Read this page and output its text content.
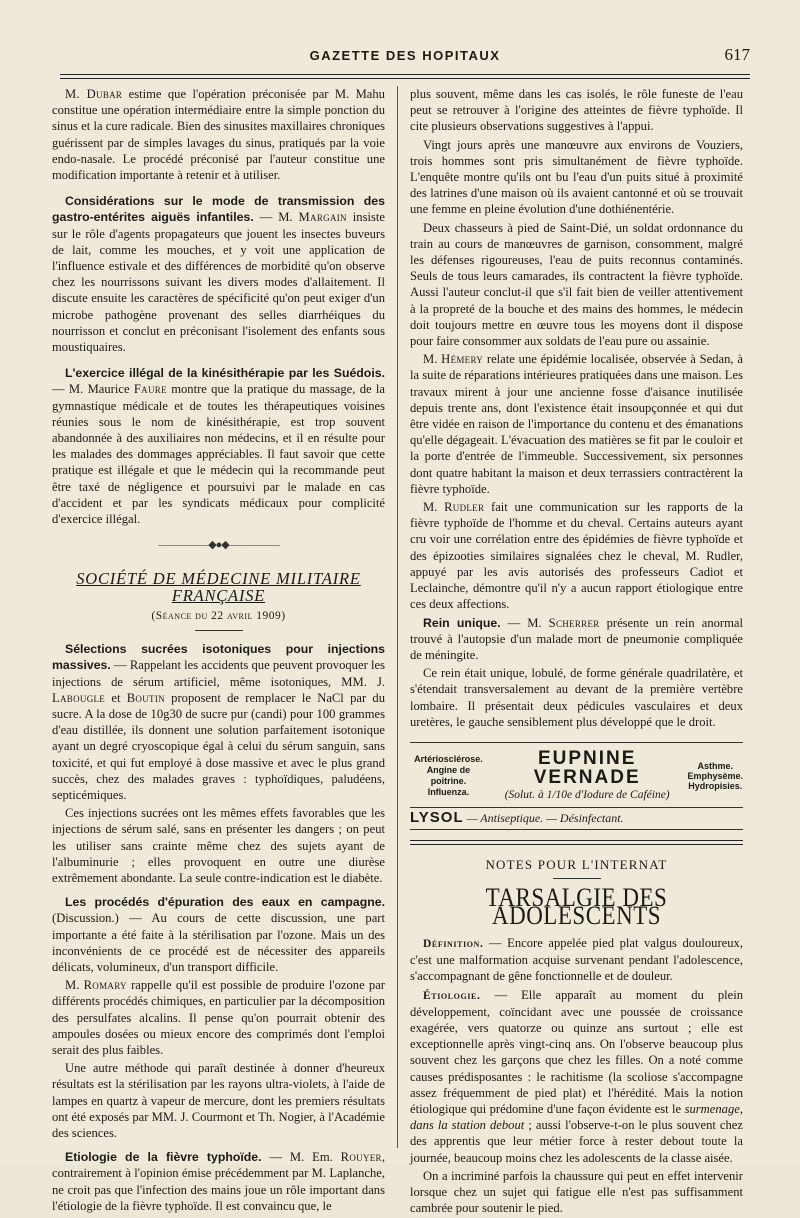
GAZETTE DES HOPITAUX	617

M. Dubar estime que l'opération préconisée par M. Mahu constitue une opération intermédiaire entre la simple ponction du sinus et la cure radicale. Bien des sinusites maxillaires chroniques guérissent par de simples lavages du sinus, pratiqués par la voie endo-nasale. Le procédé préconisé par l'auteur constitue une modification importante à retenir et à utiliser.

Considérations sur le mode de transmission des gastro-entérites aiguës infantiles. — M. Margain insiste sur le rôle d'agents propagateurs que jouent les insectes buveurs de lait, comme les mouches, et y voit une application de l'influence estivale et des différences de morbidité qu'on observe chez les nourrissons suivant les divers modes d'allaitement. Il discute ensuite les caractères de spécificité qu'on peut exiger d'un microbe pathogène provenant des selles diarrhéiques du nourrisson et conclut en préconisant l'isolement des enfants sous moustiquaires.

L'exercice illégal de la kinésithérapie par les Suédois. — M. Maurice Faure montre que la pratique du massage, de la gymnastique médicale et de toutes les thérapeutiques voisines réunies sous le nom de kinésithérapie, est trop souvent abandonnée à des auxiliaires non médecins, et il en résulte pour les malades des dommages appréciables. Il faut savoir que cette pratique est illégale et que le médecin qui la recommande peut être taxé de négligence et poursuivi par le malade en cas d'accident et par les syndicats médicaux pour complicité d'exercice illégal.

—————◆●◆—————
SOCIÉTÉ DE MÉDECINE MILITAIRE FRANÇAISE
(Séance du 22 avril 1909)

Sélections sucrées isotoniques pour injections massives. — Rappelant les accidents que peuvent provoquer les injections de sérum artificiel, même isotoniques, MM. J. Labougle et Boutin proposent de remplacer le NaCl par du sucre. A la dose de 10g30 de sucre pur (candi) pour 100 grammes d'eau distillée, ils donnent une solution parfaitement isotonique ayant un degré cryoscopique égal à celui du sérum sanguin, sans toxicité, et qui fut employé à dose massive et avec le plus grand succès, chez des malades graves : typhoïdiques, paludéens, septicémiques.

Ces injections sucrées ont les mêmes effets favorables que les injections de sérum salé, sans en présenter les dangers ; on peut les utiliser sans crainte même chez des sujets ayant de l'albuminurie ; elles provoquent en outre une diurèse extrêmement abondante. La seule contre-indication est le diabète.

Les procédés d'épuration des eaux en campagne. (Discussion.) — Au cours de cette discussion, une part importante a été faite à la stérilisation par l'ozone. Mais un des inconvénients de ce procédé est de nécessiter des appareils délicats, volumineux, d'un transport difficile.

M. Romary rappelle qu'il est possible de produire l'ozone par différents procédés chimiques, en particulier par la décomposition des persulfates alcalins. Il pense qu'on pourrait obtenir des ampoules dosées ou mieux encore des comprimés dont l'emploi serait des plus faibles.

Une autre méthode qui paraît destinée à donner d'heureux résultats est la stérilisation par les rayons ultra-violets, à l'aide de lampes en quartz à vapeur de mercure, dont les premiers résultats ont été exposés par MM. J. Courmont et Th. Nogier, à l'Académie des sciences.

Etiologie de la fièvre typhoïde. — M. Em. Rouyer, contrairement à l'opinion émise précédemment par M. Laplanche, ne croit pas que l'infection des mains joue un rôle important dans l'étiologie de la fièvre typhoïde. Il est convaincu que, le

plus souvent, même dans les cas isolés, le rôle funeste de l'eau peut se retrouver à l'origine des atteintes de fièvre typhoïde. Il cite plusieurs observations suggestives à l'appui.

Vingt jours après une manœuvre aux environs de Vouziers, trois hommes sont pris simultanément de fièvre typhoïde. L'enquête montre qu'ils ont bu l'eau d'un puits situé à proximité des latrines d'une maison où ils avaient cantonné et où se trouvait une femme en pleine évolution d'une dothiénentérie.

Deux chasseurs à pied de Saint-Dié, un soldat ordonnance du train au cours de manœuvres de garnison, consomment, malgré les défenses rigoureuses, l'eau de puits reconnus contaminés. Seuls de tous leurs camarades, ils contractent la fièvre typhoïde. Aussi l'auteur conclut-il que s'il fait bien de veiller attentivement à la propreté de la bouche et des mains des hommes, le médecin doit toujours mettre en œuvre tous les moyens dont il dispose pour faire consommer aux soldats de l'eau pure ou assainie.

M. Hémery relate une épidémie localisée, observée à Sedan, à la suite de réparations intérieures pratiquées dans une maison. Les travaux mirent à jour une ancienne fosse d'aisance inutilisée depuis trente ans, dont l'existence était insoupçonnée et qui dut être vidée en raison de l'importance du contenu et des émanations qu'elle dégageait. L'évacuation des matières se fit par le couloir et la porte d'entrée de l'immeuble. Successivement, six personnes dont quatre habitant la maison et deux terrassiers contractèrent la fièvre typhoïde.

M. Rudler fait une communication sur les rapports de la fièvre typhoïde de l'homme et du cheval. Certains auteurs ayant cru voir une corrélation entre des épidémies de fièvre typhoïde et des épizooties similaires signalées chez le cheval, M. Rudler, appuyé par les avis autorisés des professeurs Cadiot et Leclainche, démontre qu'il n'y a aucun rapport étiologique entre ces deux affections.

Rein unique. — M. Scherrer présente un rein anormal trouvé à l'autopsie d'un malade mort de pneumonie compliquée de méningite.

Ce rein était unique, lobulé, de forme générale quadrilatère, et s'étendait transversalement au devant de la première vertèbre lombaire. Il présentait deux pédicules vasculaires et deux uretères, le gauche sensiblement plus développé que le droit.

Artériosclérose.
Angine de poitrine.
Influenza.
EUPNINE VERNADE
(Solut. à 1/10e d'Iodure de Caféine)
Asthme.
Emphysème.
Hydropisies.
LYSOL — Antiseptique. — Désinfectant.
NOTES POUR L'INTERNAT
TARSALGIE DES ADOLESCENTS

Définition. — Encore appelée pied plat valgus douloureux, c'est une malformation acquise survenant pendant l'adolescence, s'accompagnant de gêne fonctionnelle et de douleur.

Étiologie. — Elle apparaît au moment du plein développement, coïncidant avec une poussée de croissance exagérée, vers quatorze ou quinze ans surtout ; elle est exceptionnelle après vingt-cinq ans. On l'observe beaucoup plus souvent chez les garçons que chez les filles. On a noté comme causes prédisposantes : le rachitisme (la scoliose s'accompagne assez fréquemment de pied plat) et l'hérédité. Mais la notion étiologique qui prédomine d'une façon évidente est le surmenage, dans la station debout ; aussi l'observe-t-on le plus souvent chez des apprentis que leur métier force à rester debout toute la journée, beaucoup moins chez les adolescents de la classe aisée.

On a incriminé parfois la chaussure qui peut en effet intervenir lorsque chez un sujet qui fatigue elle n'est pas suffisamment cambrée pour soutenir le pied.
